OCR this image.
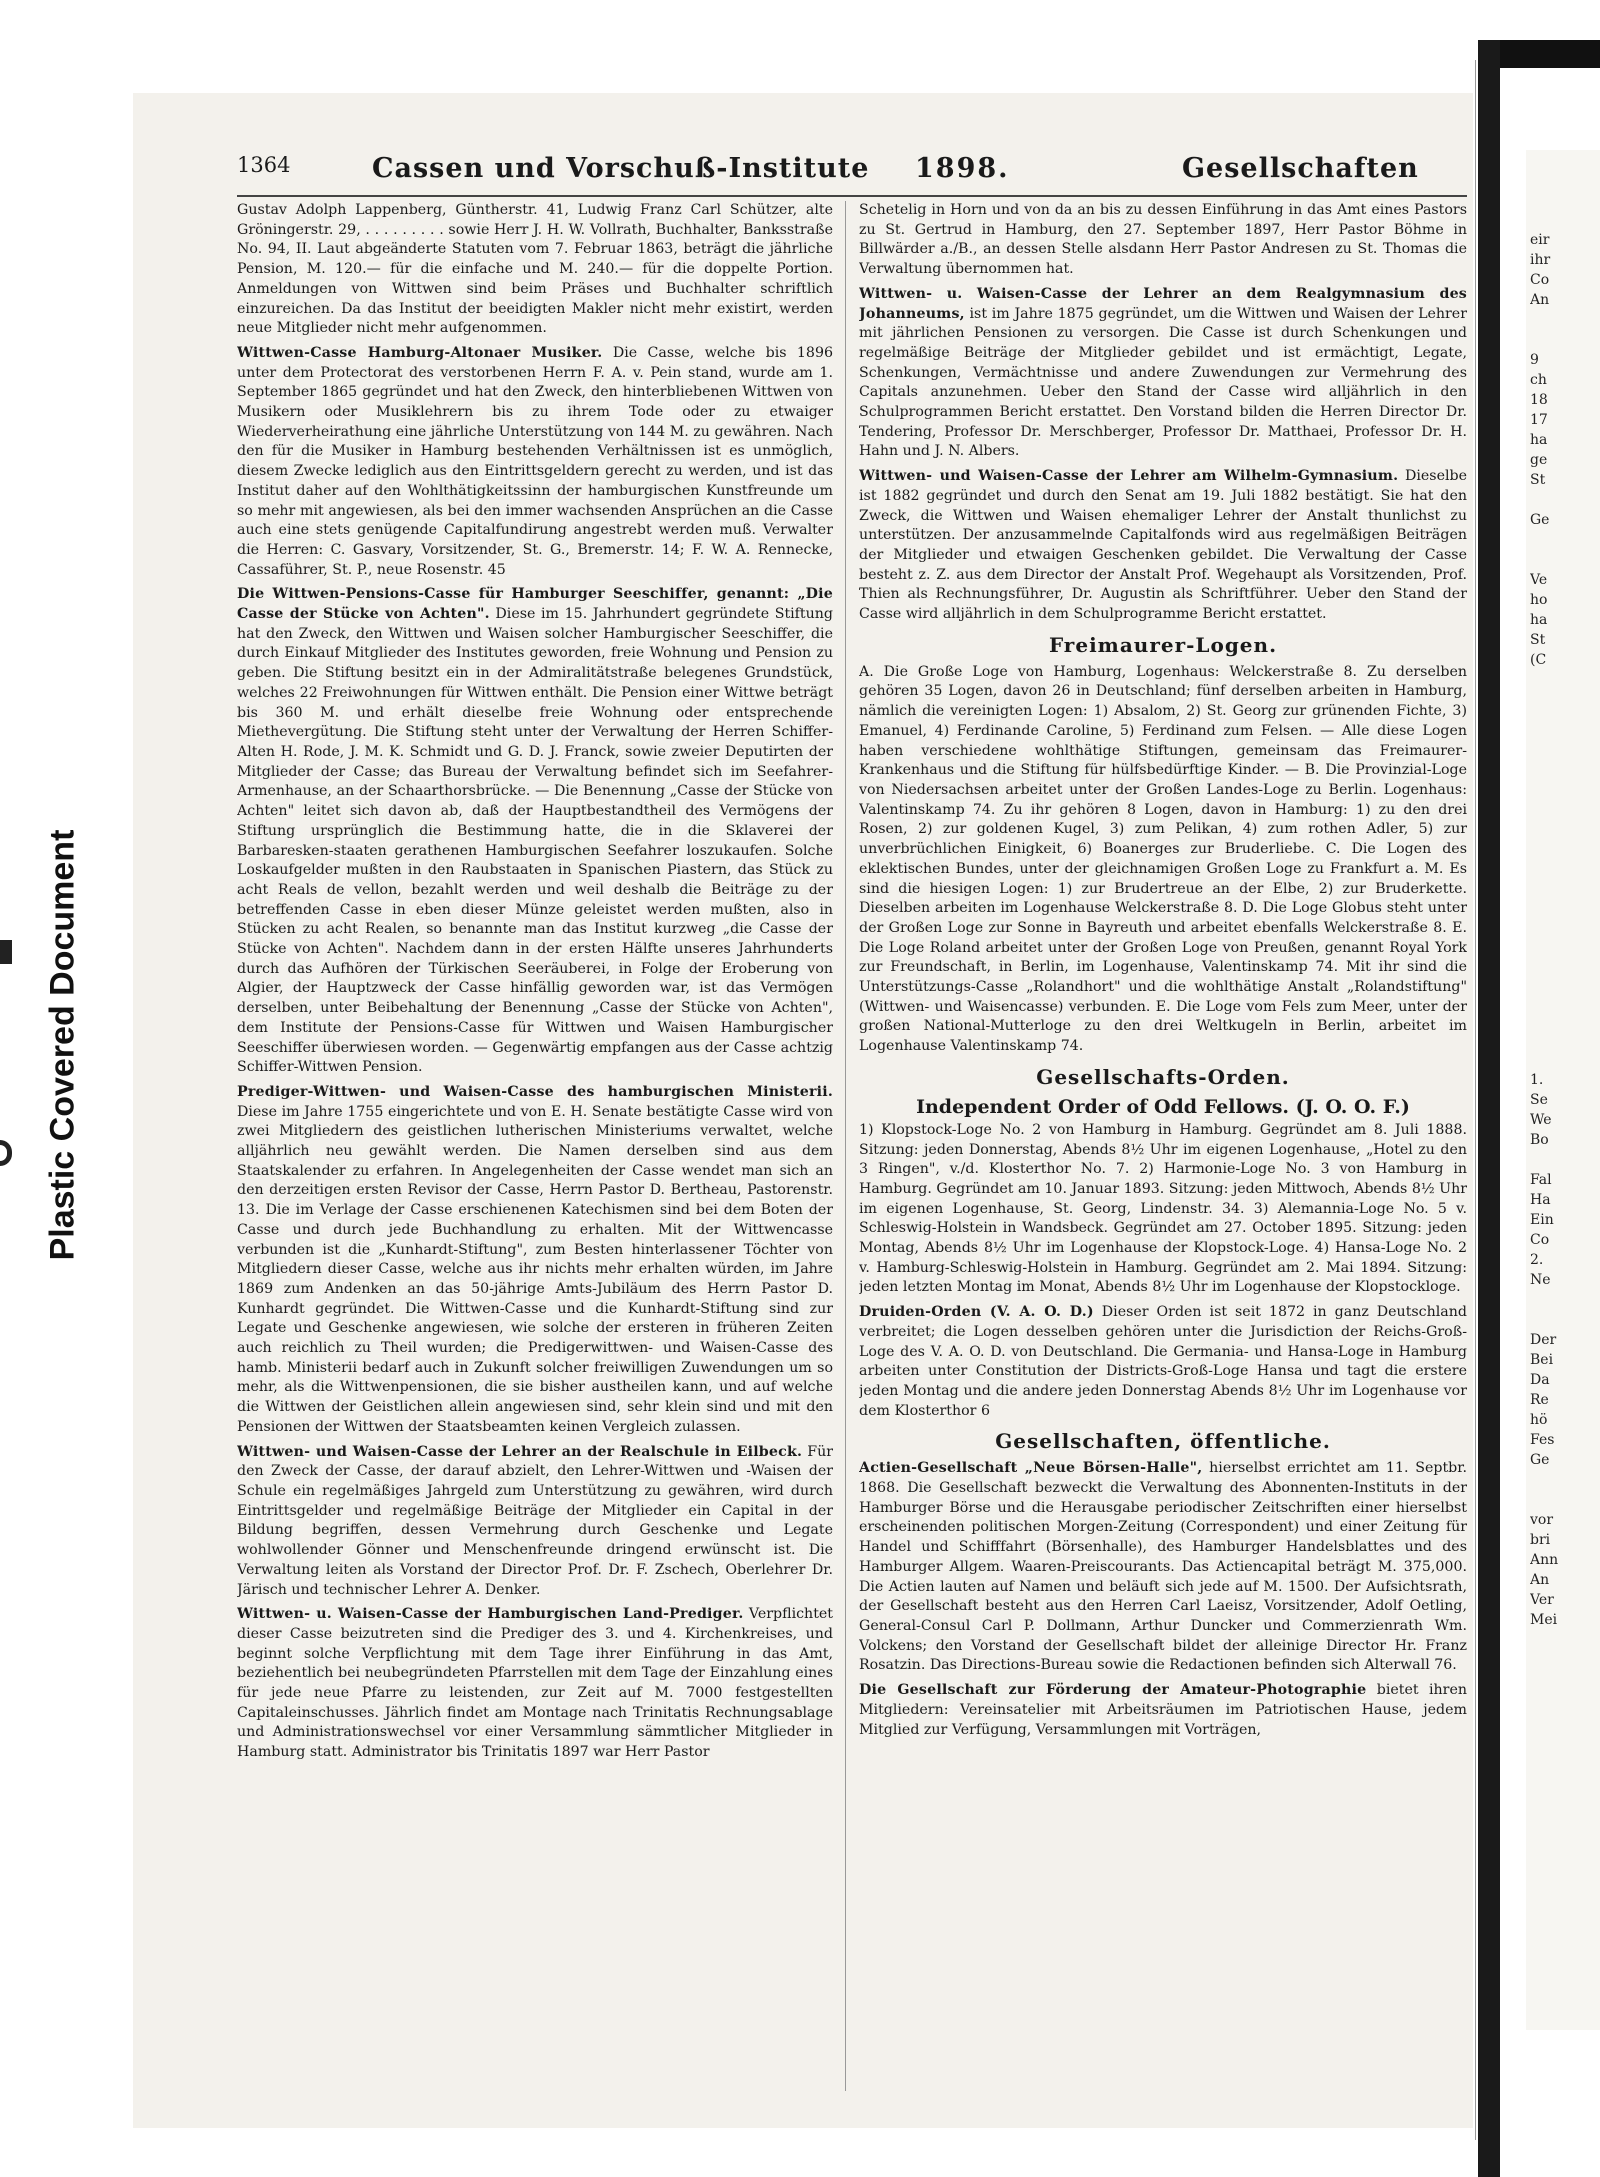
Plastic Covered Document
1364	Cassen und Vorschuß-Institute 1898.	Gesellschaften

Gustav Adolph Lappenberg, Güntherstr. 41, Ludwig Franz Carl Schützer, alte Gröningerstr. 29, . . . . . . . . . sowie Herr J. H. W. Vollrath, Buchhalter, Banksstraße No. 94, II. Laut abgeänderte Statuten vom 7. Februar 1863, beträgt die jährliche Pension, M. 120.— für die einfache und M. 240.— für die doppelte Portion. Anmeldungen von Wittwen sind beim Präses und Buchhalter schriftlich einzureichen. Da das Institut der beeidigten Makler nicht mehr existirt, werden neue Mitglieder nicht mehr aufgenommen.

Wittwen-Casse Hamburg-Altonaer Musiker. Die Casse, welche bis 1896 unter dem Protectorat des verstorbenen Herrn F. A. v. Pein stand, wurde am 1. September 1865 gegründet und hat den Zweck, den hinterbliebenen Wittwen von Musikern oder Musiklehrern bis zu ihrem Tode oder zu etwaiger Wiederverheirathung eine jährliche Unterstützung von 144 M. zu gewähren. Nach den für die Musiker in Hamburg bestehenden Verhältnissen ist es unmöglich, diesem Zwecke lediglich aus den Eintrittsgeldern gerecht zu werden, und ist das Institut daher auf den Wohlthätigkeitssinn der hamburgischen Kunstfreunde um so mehr mit angewiesen, als bei den immer wachsenden Ansprüchen an die Casse auch eine stets genügende Capitalfundirung angestrebt werden muß. Verwalter die Herren: C. Gasvary, Vorsitzender, St. G., Bremerstr. 14; F. W. A. Rennecke, Cassaführer, St. P., neue Rosenstr. 45

Die Wittwen-Pensions-Casse für Hamburger Seeschiffer, genannt: „Die Casse der Stücke von Achten". Diese im 15. Jahrhundert gegründete Stiftung hat den Zweck, den Wittwen und Waisen solcher Hamburgischer Seeschiffer, die durch Einkauf Mitglieder des Institutes geworden, freie Wohnung und Pension zu geben. Die Stiftung besitzt ein in der Admiralitätstraße belegenes Grundstück, welches 22 Freiwohnungen für Wittwen enthält. Die Pension einer Wittwe beträgt bis 360 M. und erhält dieselbe freie Wohnung oder entsprechende Miethevergütung. Die Stiftung steht unter der Verwaltung der Herren Schiffer-Alten H. Rode, J. M. K. Schmidt und G. D. J. Franck, sowie zweier Deputirten der Mitglieder der Casse; das Bureau der Verwaltung befindet sich im Seefahrer-Armenhause, an der Schaarthorsbrücke. — Die Benennung „Casse der Stücke von Achten" leitet sich davon ab, daß der Hauptbestandtheil des Vermögens der Stiftung ursprünglich die Bestimmung hatte, die in die Sklaverei der Barbaresken-staaten gerathenen Hamburgischen Seefahrer loszukaufen. Solche Loskaufgelder mußten in den Raubstaaten in Spanischen Piastern, das Stück zu acht Reals de vellon, bezahlt werden und weil deshalb die Beiträge zu der betreffenden Casse in eben dieser Münze geleistet werden mußten, also in Stücken zu acht Realen, so benannte man das Institut kurzweg „die Casse der Stücke von Achten". Nachdem dann in der ersten Hälfte unseres Jahrhunderts durch das Aufhören der Türkischen Seeräuberei, in Folge der Eroberung von Algier, der Hauptzweck der Casse hinfällig geworden war, ist das Vermögen derselben, unter Beibehaltung der Benennung „Casse der Stücke von Achten", dem Institute der Pensions-Casse für Wittwen und Waisen Hamburgischer Seeschiffer überwiesen worden. — Gegenwärtig empfangen aus der Casse achtzig Schiffer-Wittwen Pension.

Prediger-Wittwen- und Waisen-Casse des hamburgischen Ministerii. Diese im Jahre 1755 eingerichtete und von E. H. Senate bestätigte Casse wird von zwei Mitgliedern des geistlichen lutherischen Ministeriums verwaltet, welche alljährlich neu gewählt werden. Die Namen derselben sind aus dem Staatskalender zu erfahren. In Angelegenheiten der Casse wendet man sich an den derzeitigen ersten Revisor der Casse, Herrn Pastor D. Bertheau, Pastorenstr. 13. Die im Verlage der Casse erschienenen Katechismen sind bei dem Boten der Casse und durch jede Buchhandlung zu erhalten. Mit der Wittwencasse verbunden ist die „Kunhardt-Stiftung", zum Besten hinterlassener Töchter von Mitgliedern dieser Casse, welche aus ihr nichts mehr erhalten würden, im Jahre 1869 zum Andenken an das 50-jährige Amts-Jubiläum des Herrn Pastor D. Kunhardt gegründet. Die Wittwen-Casse und die Kunhardt-Stiftung sind zur Legate und Geschenke angewiesen, wie solche der ersteren in früheren Zeiten auch reichlich zu Theil wurden; die Predigerwittwen- und Waisen-Casse des hamb. Ministerii bedarf auch in Zukunft solcher freiwilligen Zuwendungen um so mehr, als die Wittwenpensionen, die sie bisher austheilen kann, und auf welche die Wittwen der Geistlichen allein angewiesen sind, sehr klein sind und mit den Pensionen der Wittwen der Staatsbeamten keinen Vergleich zulassen.

Wittwen- und Waisen-Casse der Lehrer an der Realschule in Eilbeck. Für den Zweck der Casse, der darauf abzielt, den Lehrer-Wittwen und -Waisen der Schule ein regelmäßiges Jahrgeld zum Unterstützung zu gewähren, wird durch Eintrittsgelder und regelmäßige Beiträge der Mitglieder ein Capital in der Bildung begriffen, dessen Vermehrung durch Geschenke und Legate wohlwollender Gönner und Menschenfreunde dringend erwünscht ist. Die Verwaltung leiten als Vorstand der Director Prof. Dr. F. Zschech, Oberlehrer Dr. Järisch und technischer Lehrer A. Denker.

Wittwen- u. Waisen-Casse der Hamburgischen Land-Prediger. Verpflichtet dieser Casse beizutreten sind die Prediger des 3. und 4. Kirchenkreises, und beginnt solche Verpflichtung mit dem Tage ihrer Einführung in das Amt, beziehentlich bei neubegründeten Pfarrstellen mit dem Tage der Einzahlung eines für jede neue Pfarre zu leistenden, zur Zeit auf M. 7000 festgestellten Capitaleinschusses. Jährlich findet am Montage nach Trinitatis Rechnungsablage und Administrationswechsel vor einer Versammlung sämmtlicher Mitglieder in Hamburg statt. Administrator bis Trinitatis 1897 war Herr Pastor

Schetelig in Horn und von da an bis zu dessen Einführung in das Amt eines Pastors zu St. Gertrud in Hamburg, den 27. September 1897, Herr Pastor Böhme in Billwärder a./B., an dessen Stelle alsdann Herr Pastor Andresen zu St. Thomas die Verwaltung übernommen hat.

Wittwen- u. Waisen-Casse der Lehrer an dem Realgymnasium des Johanneums, ist im Jahre 1875 gegründet, um die Wittwen und Waisen der Lehrer mit jährlichen Pensionen zu versorgen. Die Casse ist durch Schenkungen und regelmäßige Beiträge der Mitglieder gebildet und ist ermächtigt, Legate, Schenkungen, Vermächtnisse und andere Zuwendungen zur Vermehrung des Capitals anzunehmen. Ueber den Stand der Casse wird alljährlich in den Schulprogrammen Bericht erstattet. Den Vorstand bilden die Herren Director Dr. Tendering, Professor Dr. Merschberger, Professor Dr. Matthaei, Professor Dr. H. Hahn und J. N. Albers.

Wittwen- und Waisen-Casse der Lehrer am Wilhelm-Gymnasium. Dieselbe ist 1882 gegründet und durch den Senat am 19. Juli 1882 bestätigt. Sie hat den Zweck, die Wittwen und Waisen ehemaliger Lehrer der Anstalt thunlichst zu unterstützen. Der anzusammelnde Capitalfonds wird aus regelmäßigen Beiträgen der Mitglieder und etwaigen Geschenken gebildet. Die Verwaltung der Casse besteht z. Z. aus dem Director der Anstalt Prof. Wegehaupt als Vorsitzenden, Prof. Thien als Rechnungsführer, Dr. Augustin als Schriftführer. Ueber den Stand der Casse wird alljährlich in dem Schulprogramme Bericht erstattet.

Freimaurer-Logen.

A. Die Große Loge von Hamburg, Logenhaus: Welckerstraße 8. Zu derselben gehören 35 Logen, davon 26 in Deutschland; fünf derselben arbeiten in Hamburg, nämlich die vereinigten Logen: 1) Absalom, 2) St. Georg zur grünenden Fichte, 3) Emanuel, 4) Ferdinande Caroline, 5) Ferdinand zum Felsen. — Alle diese Logen haben verschiedene wohlthätige Stiftungen, gemeinsam das Freimaurer-Krankenhaus und die Stiftung für hülfsbedürftige Kinder. — B. Die Provinzial-Loge von Niedersachsen arbeitet unter der Großen Landes-Loge zu Berlin. Logenhaus: Valentinskamp 74. Zu ihr gehören 8 Logen, davon in Hamburg: 1) zu den drei Rosen, 2) zur goldenen Kugel, 3) zum Pelikan, 4) zum rothen Adler, 5) zur unverbrüchlichen Einigkeit, 6) Boanerges zur Bruderliebe. C. Die Logen des eklektischen Bundes, unter der gleichnamigen Großen Loge zu Frankfurt a. M. Es sind die hiesigen Logen: 1) zur Brudertreue an der Elbe, 2) zur Bruderkette. Dieselben arbeiten im Logenhause Welckerstraße 8. D. Die Loge Globus steht unter der Großen Loge zur Sonne in Bayreuth und arbeitet ebenfalls Welckerstraße 8. E. Die Loge Roland arbeitet unter der Großen Loge von Preußen, genannt Royal York zur Freundschaft, in Berlin, im Logenhause, Valentinskamp 74. Mit ihr sind die Unterstützungs-Casse „Rolandhort" und die wohlthätige Anstalt „Rolandstiftung" (Wittwen- und Waisencasse) verbunden. E. Die Loge vom Fels zum Meer, unter der großen National-Mutterloge zu den drei Weltkugeln in Berlin, arbeitet im Logenhause Valentinskamp 74.

Gesellschafts-Orden.
Independent Order of Odd Fellows. (J. O. O. F.)

1) Klopstock-Loge No. 2 von Hamburg in Hamburg. Gegründet am 8. Juli 1888. Sitzung: jeden Donnerstag, Abends 8½ Uhr im eigenen Logenhause, „Hotel zu den 3 Ringen", v./d. Klosterthor No. 7. 2) Harmonie-Loge No. 3 von Hamburg in Hamburg. Gegründet am 10. Januar 1893. Sitzung: jeden Mittwoch, Abends 8½ Uhr im eigenen Logenhause, St. Georg, Lindenstr. 34. 3) Alemannia-Loge No. 5 v. Schleswig-Holstein in Wandsbeck. Gegründet am 27. October 1895. Sitzung: jeden Montag, Abends 8½ Uhr im Logenhause der Klopstock-Loge. 4) Hansa-Loge No. 2 v. Hamburg-Schleswig-Holstein in Hamburg. Gegründet am 2. Mai 1894. Sitzung: jeden letzten Montag im Monat, Abends 8½ Uhr im Logenhause der Klopstockloge.

Druiden-Orden (V. A. O. D.) Dieser Orden ist seit 1872 in ganz Deutschland verbreitet; die Logen desselben gehören unter die Jurisdiction der Reichs-Groß-Loge des V. A. O. D. von Deutschland. Die Germania- und Hansa-Loge in Hamburg arbeiten unter Constitution der Districts-Groß-Loge Hansa und tagt die erstere jeden Montag und die andere jeden Donnerstag Abends 8½ Uhr im Logenhause vor dem Klosterthor 6

Gesellschaften, öffentliche.

Actien-Gesellschaft „Neue Börsen-Halle", hierselbst errichtet am 11. Septbr. 1868. Die Gesellschaft bezweckt die Verwaltung des Abonnenten-Instituts in der Hamburger Börse und die Herausgabe periodischer Zeitschriften einer hierselbst erscheinenden politischen Morgen-Zeitung (Correspondent) und einer Zeitung für Handel und Schifffahrt (Börsenhalle), des Hamburger Handelsblattes und des Hamburger Allgem. Waaren-Preiscourants. Das Actiencapital beträgt M. 375,000. Die Actien lauten auf Namen und beläuft sich jede auf M. 1500. Der Aufsichtsrath, der Gesellschaft besteht aus den Herren Carl Laeisz, Vorsitzender, Adolf Oetling, General-Consul Carl P. Dollmann, Arthur Duncker und Commerzienrath Wm. Volckens; den Vorstand der Gesellschaft bildet der alleinige Director Hr. Franz Rosatzin. Das Directions-Bureau sowie die Redactionen befinden sich Alterwall 76.

Die Gesellschaft zur Förderung der Amateur-Photographie bietet ihren Mitgliedern: Vereinsatelier mit Arbeitsräumen im Patriotischen Hause, jedem Mitglied zur Verfügung, Versammlungen mit Vorträgen,

eir
ihr
Co
An
9
ch
18
17
ha
ge
St
Ge
Ve
ho
ha
St
(C
1.
Se
We
Bo
Fal
Ha
Ein
Co
2.
Ne
Der
Bei
Da
Re
hö
Fes
Ge
vor
bri
Ann
An
Ver
Mei
